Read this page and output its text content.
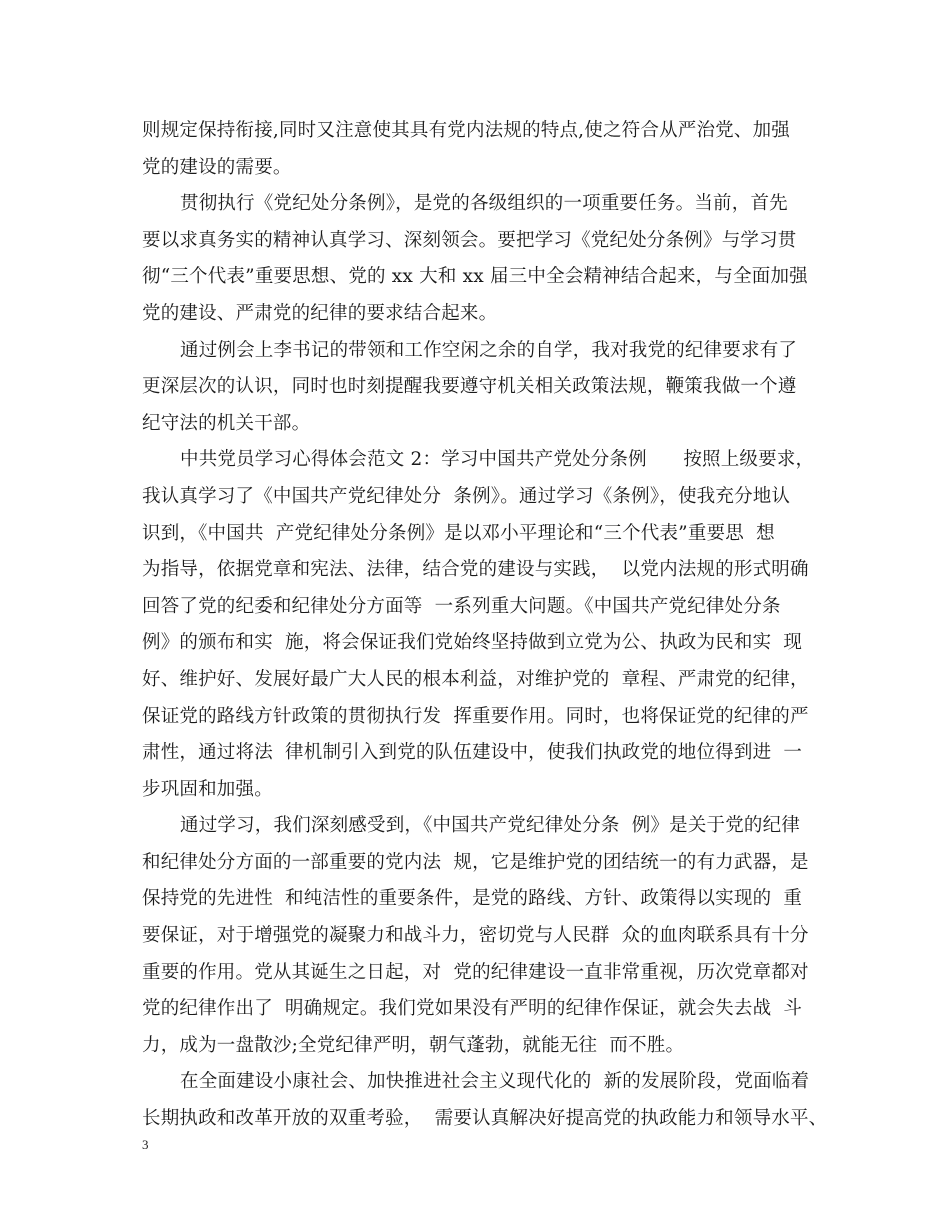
则规定保持衔接,同时又注意使其具有党内法规的特点,使之符合从严治党、加强
党的建设的需要。
贯彻执行《党纪处分条例》，是党的各级组织的一项重要任务。当前，首先
要以求真务实的精神认真学习、深刻领会。要把学习《党纪处分条例》与学习贯
彻“三个代表”重要思想、党的 xx 大和 xx 届三中全会精神结合起来，与全面加强
党的建设、严肃党的纪律的要求结合起来。
通过例会上李书记的带领和工作空闲之余的自学，我对我党的纪律要求有了
更深层次的认识，同时也时刻提醒我要遵守机关相关政策法规，鞭策我做一个遵
纪守法的机关干部。
中共党员学习心得体会范文 2：学习中国共产党处分条例      按照上级要求，
我认真学习了《中国共产党纪律处分  条例》。通过学习《条例》，使我充分地认
识到，《中国共  产党纪律处分条例》是以邓小平理论和“三个代表”重要思  想
为指导，依据党章和宪法、法律，结合党的建设与实践，  以党内法规的形式明确
回答了党的纪委和纪律处分方面等  一系列重大问题。《中国共产党纪律处分条
例》的颁布和实  施，将会保证我们党始终坚持做到立党为公、执政为民和实  现
好、维护好、发展好最广大人民的根本利益，对维护党的  章程、严肃党的纪律，
保证党的路线方针政策的贯彻执行发  挥重要作用。同时，也将保证党的纪律的严
肃性，通过将法  律机制引入到党的队伍建设中，使我们执政党的地位得到进  一
步巩固和加强。
通过学习，我们深刻感受到，《中国共产党纪律处分条  例》是关于党的纪律
和纪律处分方面的一部重要的党内法  规，它是维护党的团结统一的有力武器，是
保持党的先进性  和纯洁性的重要条件，是党的路线、方针、政策得以实现的  重
要保证，对于增强党的凝聚力和战斗力，密切党与人民群  众的血肉联系具有十分
重要的作用。党从其诞生之日起，对  党的纪律建设一直非常重视，历次党章都对
党的纪律作出了  明确规定。我们党如果没有严明的纪律作保证，就会失去战  斗
力，成为一盘散沙;全党纪律严明，朝气蓬勃，就能无往  而不胜。
在全面建设小康社会、加快推进社会主义现代化的  新的发展阶段，党面临着
长期执政和改革开放的双重考验，  需要认真解决好提高党的执政能力和领导水平、
3
